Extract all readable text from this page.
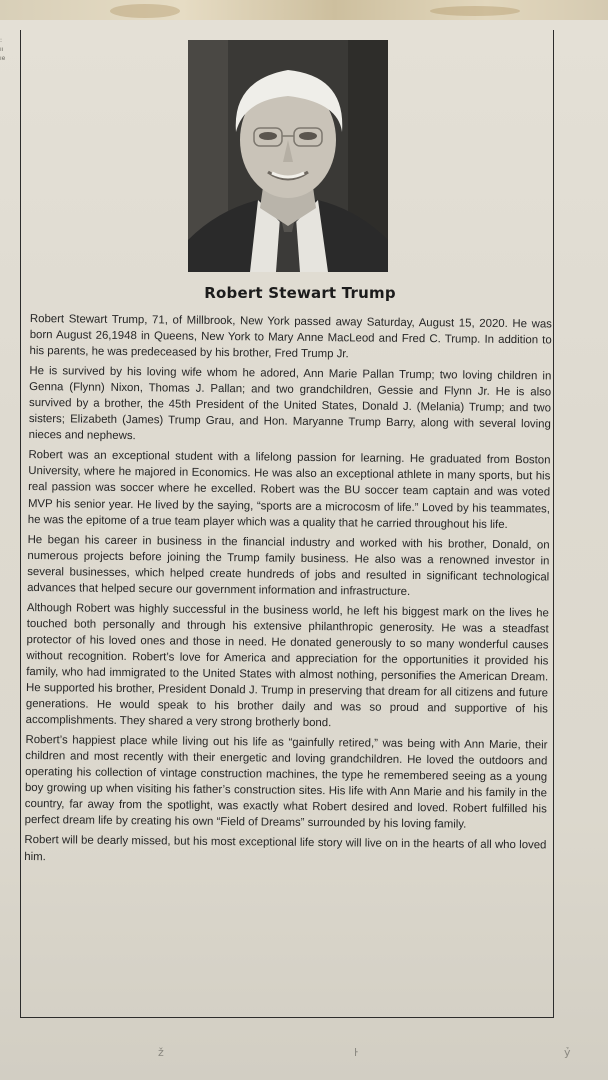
:
ıı
ıe
Robert Stewart Trump

Robert Stewart Trump, 71, of Millbrook, New York passed away Saturday, August 15, 2020. He was born August 26,1948 in Queens, New York to Mary Anne MacLeod and Fred C. Trump. In addition to his parents, he was predeceased by his brother, Fred Trump Jr.

He is survived by his loving wife whom he adored, Ann Marie Pallan Trump; two loving children in Genna (Flynn) Nixon, Thomas J. Pallan; and two grandchildren, Gessie and Flynn Jr. He is also survived by a brother, the 45th President of the United States, Donald J. (Melania) Trump; and two sisters; Elizabeth (James) Trump Grau, and Hon. Maryanne Trump Barry, along with several loving nieces and nephews.

Robert was an exceptional student with a lifelong passion for learning. He graduated from Boston University, where he majored in Economics. He was also an exceptional athlete in many sports, but his real passion was soccer where he excelled. Robert was the BU soccer team captain and was voted MVP his senior year. He lived by the saying, “sports are a microcosm of life.” Loved by his teammates, he was the epitome of a true team player which was a quality that he carried throughout his life.

He began his career in business in the financial industry and worked with his brother, Donald, on numerous projects before joining the Trump family business. He also was a renowned investor in several businesses, which helped create hundreds of jobs and resulted in significant technological advances that helped secure our government information and infrastructure.

Although Robert was highly successful in the business world, he left his biggest mark on the lives he touched both personally and through his extensive philanthropic generosity. He was a steadfast protector of his loved ones and those in need. He donated generously to so many wonderful causes without recognition. Robert’s love for America and appreciation for the opportunities it provided his family, who had immigrated to the United States with almost nothing, personifies the American Dream. He supported his brother, President Donald J. Trump in preserving that dream for all citizens and future generations. He would speak to his brother daily and was so proud and supportive of his accomplishments. They shared a very strong brotherly bond.

Robert’s happiest place while living out his life as “gainfully retired,” was being with Ann Marie, their children and most recently with their energetic and loving grandchildren. He loved the outdoors and operating his collection of vintage construction machines, the type he remembered seeing as a young boy growing up when visiting his father’s construction sites. His life with Ann Marie and his family in the country, far away from the spotlight, was exactly what Robert desired and loved. Robert fulfilled his perfect dream life by creating his own “Field of Dreams” surrounded by his loving family.

Robert will be dearly missed, but his most exceptional life story will live on in the hearts of all who loved him.

ž	ŀ	ỷ
